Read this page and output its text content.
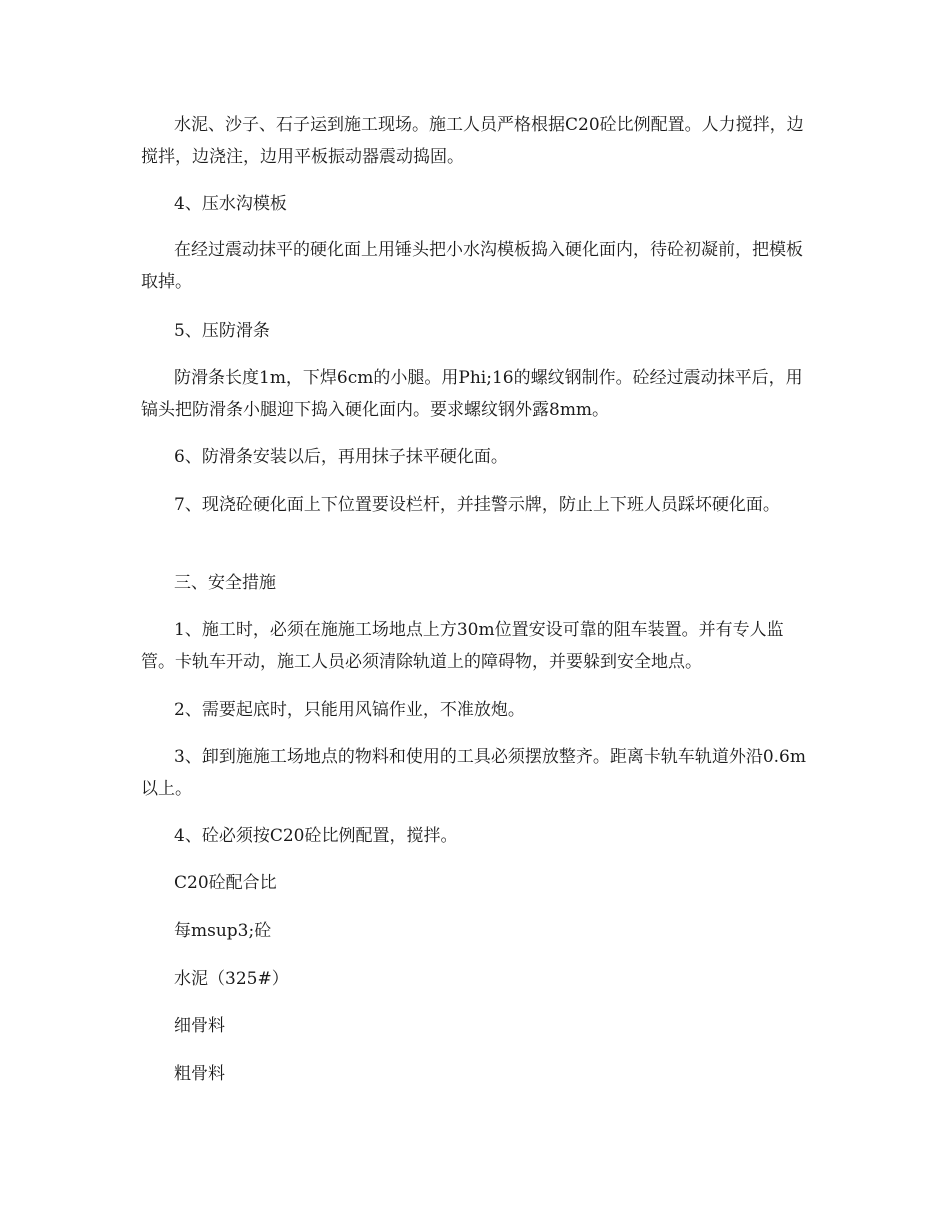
水泥、沙子、石子运到施工现场。施工人员严格根据C20砼比例配置。人力搅拌，边搅拌，边浇注，边用平板振动器震动捣固。

4、压水沟模板

在经过震动抹平的硬化面上用锤头把小水沟模板捣入硬化面内，待砼初凝前，把模板取掉。

5、压防滑条

防滑条长度1m，下焊6cm的小腿。用Phi;16的螺纹钢制作。砼经过震动抹平后，用镐头把防滑条小腿迎下捣入硬化面内。要求螺纹钢外露8mm。

6、防滑条安装以后，再用抹子抹平硬化面。

7、现浇砼硬化面上下位置要设栏杆，并挂警示牌，防止上下班人员踩坏硬化面。

三、安全措施

1、施工时，必须在施施工场地点上方30m位置安设可靠的阻车装置。并有专人监管。卡轨车开动，施工人员必须清除轨道上的障碍物，并要躲到安全地点。

2、需要起底时，只能用风镐作业，不准放炮。

3、卸到施施工场地点的物料和使用的工具必须摆放整齐。距离卡轨车轨道外沿0.6m以上。

4、砼必须按C20砼比例配置，搅拌。

C20砼配合比

每msup3;砼

水泥（325#）

细骨料

粗骨料
